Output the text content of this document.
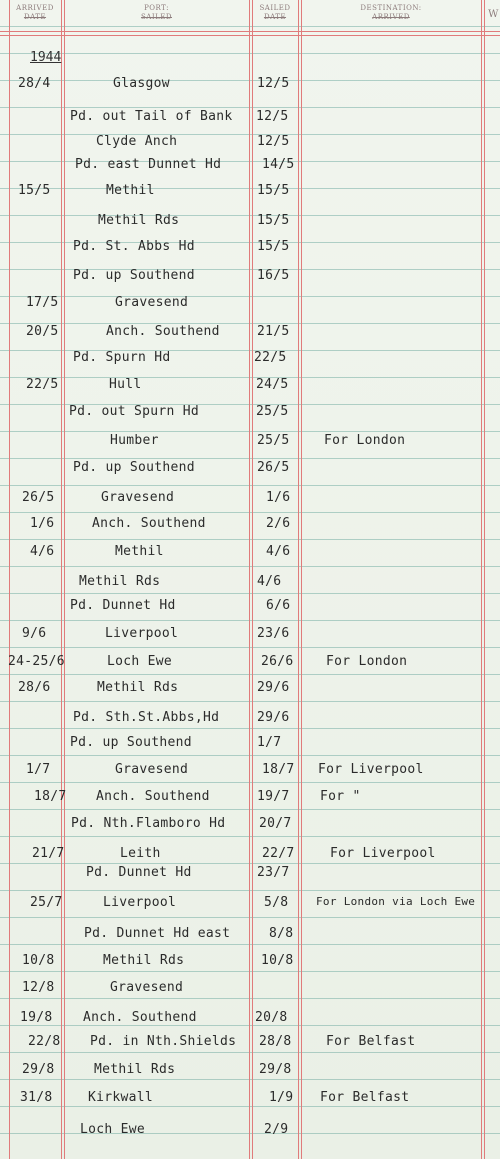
ARRIVED
DATE
PORT:
SAILED
SAILED
DATE
DESTINATION:
ARRIVED	W
1944
28/4	Glasgow	12/5
Pd. out Tail of Bank 12/5
Clyde Anch	12/5
Pd. east Dunnet Hd	14/5
15/5	Methil	15/5
Methil Rds	15/5
Pd. St. Abbs Hd	15/5
Pd. up Southend	16/5
17/5	Gravesend
20/5	Anch. Southend	21/5
Pd. Spurn Hd	22/5
22/5	Hull	24/5
Pd. out Spurn Hd	25/5
Humber	25/5	For London
Pd. up Southend	26/5
26/5	Gravesend	1/6
1/6	Anch. Southend	2/6
4/6	Methil	4/6
Methil Rds	4/6
Pd. Dunnet Hd	6/6
9/6	Liverpool	23/6
24-25/6	Loch Ewe	26/6 For London
28/6	Methil Rds	29/6
Pd. Sth.St.Abbs,Hd	29/6
Pd. up Southend	1/7
1/7	Gravesend	18/7 For Liverpool
18/7 Anch. Southend	19/7 For "
Pd. Nth.Flamboro Hd	20/7
21/7	Leith	22/7	For Liverpool
Pd. Dunnet Hd	23/7
25/7	Liverpool	5/8	For London via Loch Ewe
Pd. Dunnet Hd east	8/8
10/8	Methil Rds	10/8
12/8	Gravesend
19/8 Anch. Southend	20/8
22/8 Pd. in Nth.Shields 28/8	For Belfast
29/8	Methil Rds	29/8
31/8	Kirkwall	1/9 For Belfast
Loch Ewe	2/9
